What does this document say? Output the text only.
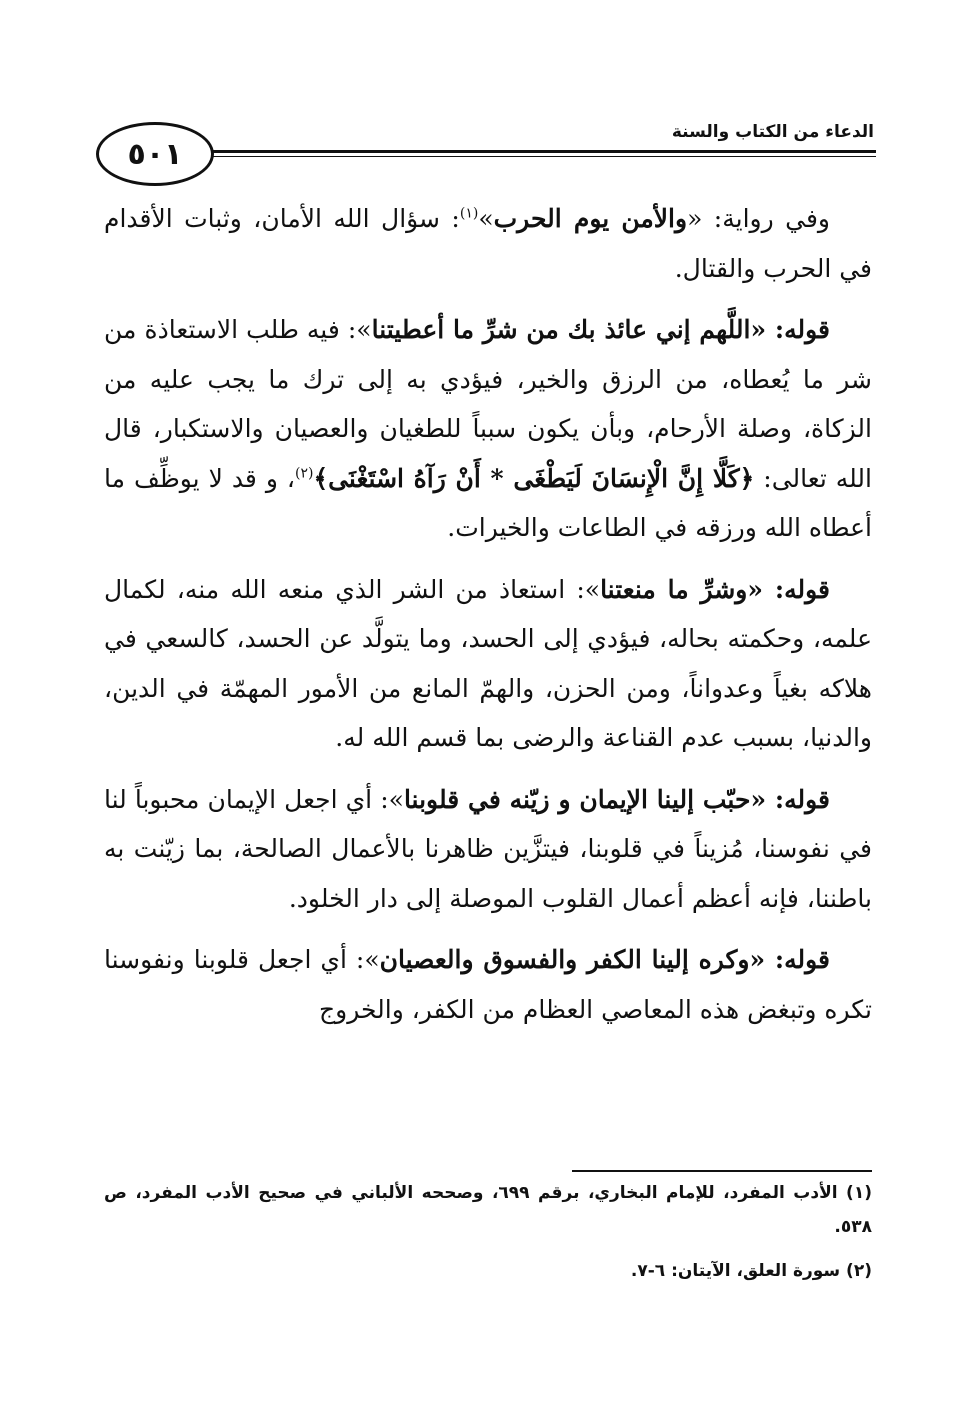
٥٠١
الدعاء من الكتاب والسنة

وفي رواية: «والأمن يوم الحرب»$^{(١)}$: سؤال الله الأمان، وثبات الأقدام في الحرب والقتال.

قوله: «اللَّهم إني عائذ بك من شرِّ ما أعطيتنا»: فيه طلب الاستعاذة من شر ما يُعطاه، من الرزق والخير، فيؤدي به إلى ترك ما يجب عليه من الزكاة، وصلة الأرحام، وبأن يكون سبباً للطغيان والعصيان والاستكبار، قال الله تعالى: ﴿كَلَّا إِنَّ الْإِنسَانَ لَيَطْغَى * أَنْ رَآهُ اسْتَغْنَى﴾$^{(٢)}$، و قد لا يوظِّف ما أعطاه الله ورزقه في الطاعات والخيرات.

قوله: «وشرِّ ما منعتنا»: استعاذ من الشر الذي منعه الله منه، لكمال علمه، وحكمته بحاله، فيؤدي إلى الحسد، وما يتولَّد عن الحسد، كالسعي في هلاكه بغياً وعدواناً، ومن الحزن، والهمّ المانع من الأمور المهمّة في الدين، والدنيا، بسبب عدم القناعة والرضى بما قسم الله له.

قوله: «حبّب إلينا الإيمان و زيّنه في قلوبنا»: أي اجعل الإيمان محبوباً لنا في نفوسنا، مُزيناً في قلوبنا، فيتزَّين ظاهرنا بالأعمال الصالحة، بما زيّنت به باطننا، فإنه أعظم أعمال القلوب الموصلة إلى دار الخلود.

قوله: «وكره إلينا الكفر والفسوق والعصيان»: أي اجعل قلوبنا ونفوسنا تكره وتبغض هذه المعاصي العظام من الكفر، والخروج

(١) الأدب المفرد، للإمام البخاري، برقم ٦٩٩، وصححه الألباني في صحيح الأدب المفرد، ص ٥٣٨.

(٢) سورة العلق، الآيتان: ٦-٧.
